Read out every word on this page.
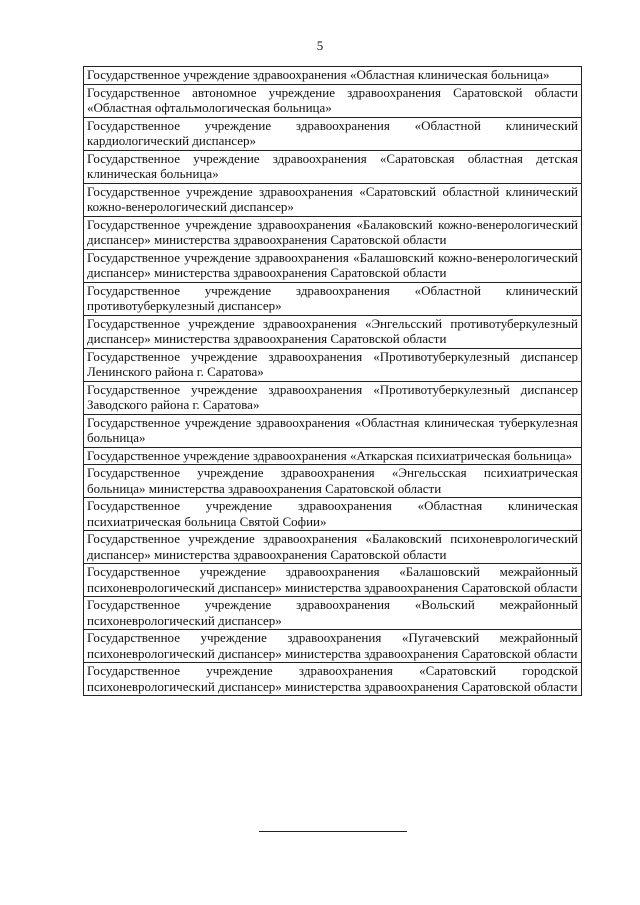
5
Государственное учреждение здравоохранения «Областная клиническая больница»
Государственное автономное учреждение здравоохранения Саратовской области «Областная офтальмологическая больница»
Государственное учреждение здравоохранения «Областной клинический кардиологический диспансер»
Государственное учреждение здравоохранения «Саратовская областная детская клиническая больница»
Государственное учреждение здравоохранения «Саратовский областной клинический кожно-венерологический диспансер»
Государственное учреждение здравоохранения «Балаковский кожно-венерологический диспансер» министерства здравоохранения Саратовской области
Государственное учреждение здравоохранения «Балашовский кожно-венерологический диспансер» министерства здравоохранения Саратовской области
Государственное учреждение здравоохранения «Областной клинический противотуберкулезный диспансер»
Государственное учреждение здравоохранения «Энгельсский противотуберкулезный диспансер» министерства здравоохранения Саратовской области
Государственное учреждение здравоохранения «Противотуберкулезный диспансер Ленинского района г. Саратова»
Государственное учреждение здравоохранения «Противотуберкулезный диспансер Заводского района г. Саратова»
Государственное учреждение здравоохранения «Областная клиническая туберкулезная больница»
Государственное учреждение здравоохранения «Аткарская психиатрическая больница»
Государственное учреждение здравоохранения «Энгельсская психиатрическая больница» министерства здравоохранения Саратовской области
Государственное учреждение здравоохранения «Областная клиническая психиатрическая больница Святой Софии»
Государственное учреждение здравоохранения «Балаковский психоневрологический диспансер» министерства здравоохранения Саратовской области
Государственное учреждение здравоохранения «Балашовский межрайонный психоневрологический диспансер» министерства здравоохранения Саратовской области
Государственное учреждение здравоохранения «Вольский межрайонный психоневрологический диспансер»
Государственное учреждение здравоохранения «Пугачевский межрайонный психоневрологический диспансер» министерства здравоохранения Саратовской области
Государственное учреждение здравоохранения «Саратовский городской психоневрологический диспансер» министерства здравоохранения Саратовской области
